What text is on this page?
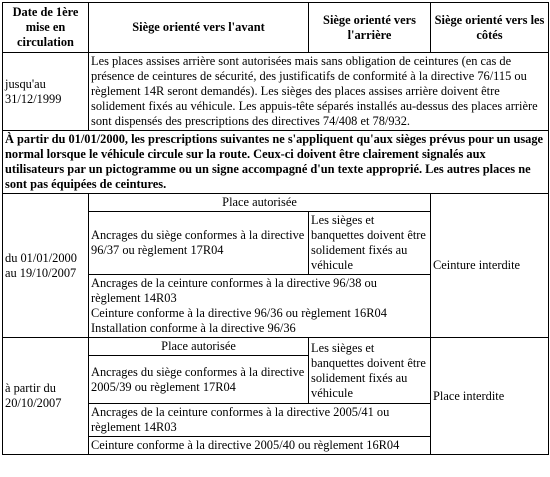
Date de 1ère mise en circulation	Siège orienté vers l'avant	Siège orienté vers l'arrière	Siège orienté vers les côtés
jusqu'au 31/12/1999	Les places assises arrière sont autorisées mais sans obligation de ceintures (en cas de présence de ceintures de sécurité, des justificatifs de conformité à la directive 76/115 ou règlement 14R seront demandés). Les sièges des places assises arrière doivent être solidement fixés au véhicule. Les appuis-tête séparés installés au-dessus des places arrière sont dispensés des prescriptions des directives 74/408 et 78/932.		
À partir du 01/01/2000, les prescriptions suivantes ne s'appliquent qu'aux sièges prévus pour un usage normal lorsque le véhicule circule sur la route. Ceux-ci doivent être clairement signalés aux utilisateurs par un pictogramme ou un signe accompagné d'un texte approprié. Les autres places ne sont pas équipées de ceintures.			
du 01/01/2000 au 19/10/2007	Place autorisée		Ceinture interdite
	Ancrages du siège conformes à la directive 96/37 ou règlement 17R04	Les sièges et banquettes doivent être solidement fixés au véhicule	

	Ancrages de la ceinture conformes à la directive 96/38 ou règlement 14R03
Ceinture conforme à la directive 96/36 ou règlement 16R04
Installation conforme à la directive 96/36		

à partir du 20/10/2007	Place autorisée	Les sièges et banquettes doivent être solidement fixés au véhicule	Place interdite
	Ancrages du siège conformes à la directive 2005/39 ou règlement 17R04		
	Ancrages de la ceinture conformes à la directive 2005/41 ou règlement 14R03		
	Ceinture conforme à la directive 2005/40 ou règlement 16R04		
